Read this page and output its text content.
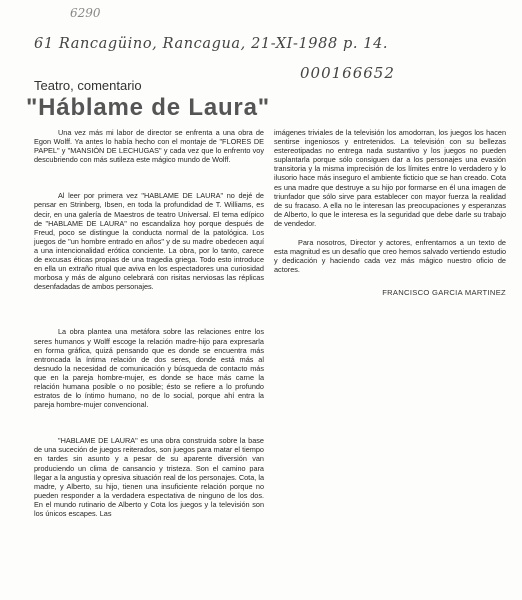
6290
61 Rancagüino, Rancagua, 21-XI-1988 p. 14.
000166652
Teatro, comentario
"Háblame de Laura"

Una vez más mi labor de director se enfrenta a una obra de Egon Wolff. Ya antes lo había hecho con el montaje de "FLORES DE PAPEL" y "MANSIÓN DE LECHUGAS" y cada vez que lo enfrento voy descubriendo con más sutileza este mágico mundo de Wolff.

Al leer por primera vez "HABLAME DE LAURA" no dejé de pensar en Strinberg, Ibsen, en toda la profundidad de T. Williams, es decir, en una galería de Maestros de teatro Universal. El tema edípico de "HABLAME DE LAURA" no escandaliza hoy porque después de Freud, poco se distingue la conducta normal de la patológica. Los juegos de "un hombre entrado en años" y de su madre obedecen aquí a una intencionalidad erótica conciente. La obra, por lo tanto, carece de excusas éticas propias de una tragedia griega. Todo esto introduce en ella un extraño ritual que aviva en los espectadores una curiosidad morbosa y más de alguno celebrará con risitas nerviosas las réplicas desenfadadas de ambos personajes.

La obra plantea una metáfora sobre las relaciones entre los seres humanos y Wolff escoge la relación madre-hijo para expresarla en forma gráfica, quizá pensando que es donde se encuentra más entroncada la íntima relación de dos seres, donde está más al desnudo la necesidad de comunicación y búsqueda de contacto más que en la pareja hombre-mujer, es donde se hace más carne la relación humana posible o no posible; ésto se refiere a lo profundo estratos de lo íntimo humano, no de lo social, porque ahí entra la pareja hombre-mujer convencional.

"HABLAME DE LAURA" es una obra construida sobre la base de una suceción de juegos reiterados, son juegos para matar el tiempo en tardes sin asunto y a pesar de su aparente diversión van produciendo un clima de cansancio y tristeza. Son el camino para llegar a la angustia y opresiva situación real de los personajes. Cota, la madre, y Alberto, su hijo, tienen una insuficiente relación porque no pueden responder a la verdadera espectativa de ninguno de los dos. En el mundo rutinario de Alberto y Cota los juegos y la televisión son los únicos escapes. Las

imágenes triviales de la televisión los amodorran, los juegos los hacen sentirse ingeniosos y entretenidos. La televisión con su bellezas estereotipadas no entrega nada sustantivo y los juegos no pueden suplantarla porque sólo consiguen dar a los personajes una evasión transitoria y la misma imprecisión de los límites entre lo verdadero y lo ilusorio hace más inseguro el ambiente ficticio que se han creado. Cota es una madre que destruye a su hijo por formarse en él una imagen de triunfador que sólo sirve para establecer con mayor fuerza la realidad de su fracaso. A ella no le interesan las preocupaciones y esperanzas de Alberto, lo que le interesa es la seguridad que debe darle su trabajo de vendedor.

Para nosotros, Director y actores, enfrentarnos a un texto de esta magnitud es un desafío que creo hemos salvado vertiendo estudio y dedicación y haciendo cada vez más mágico nuestro oficio de actores.

FRANCISCO GARCIA MARTINEZ
